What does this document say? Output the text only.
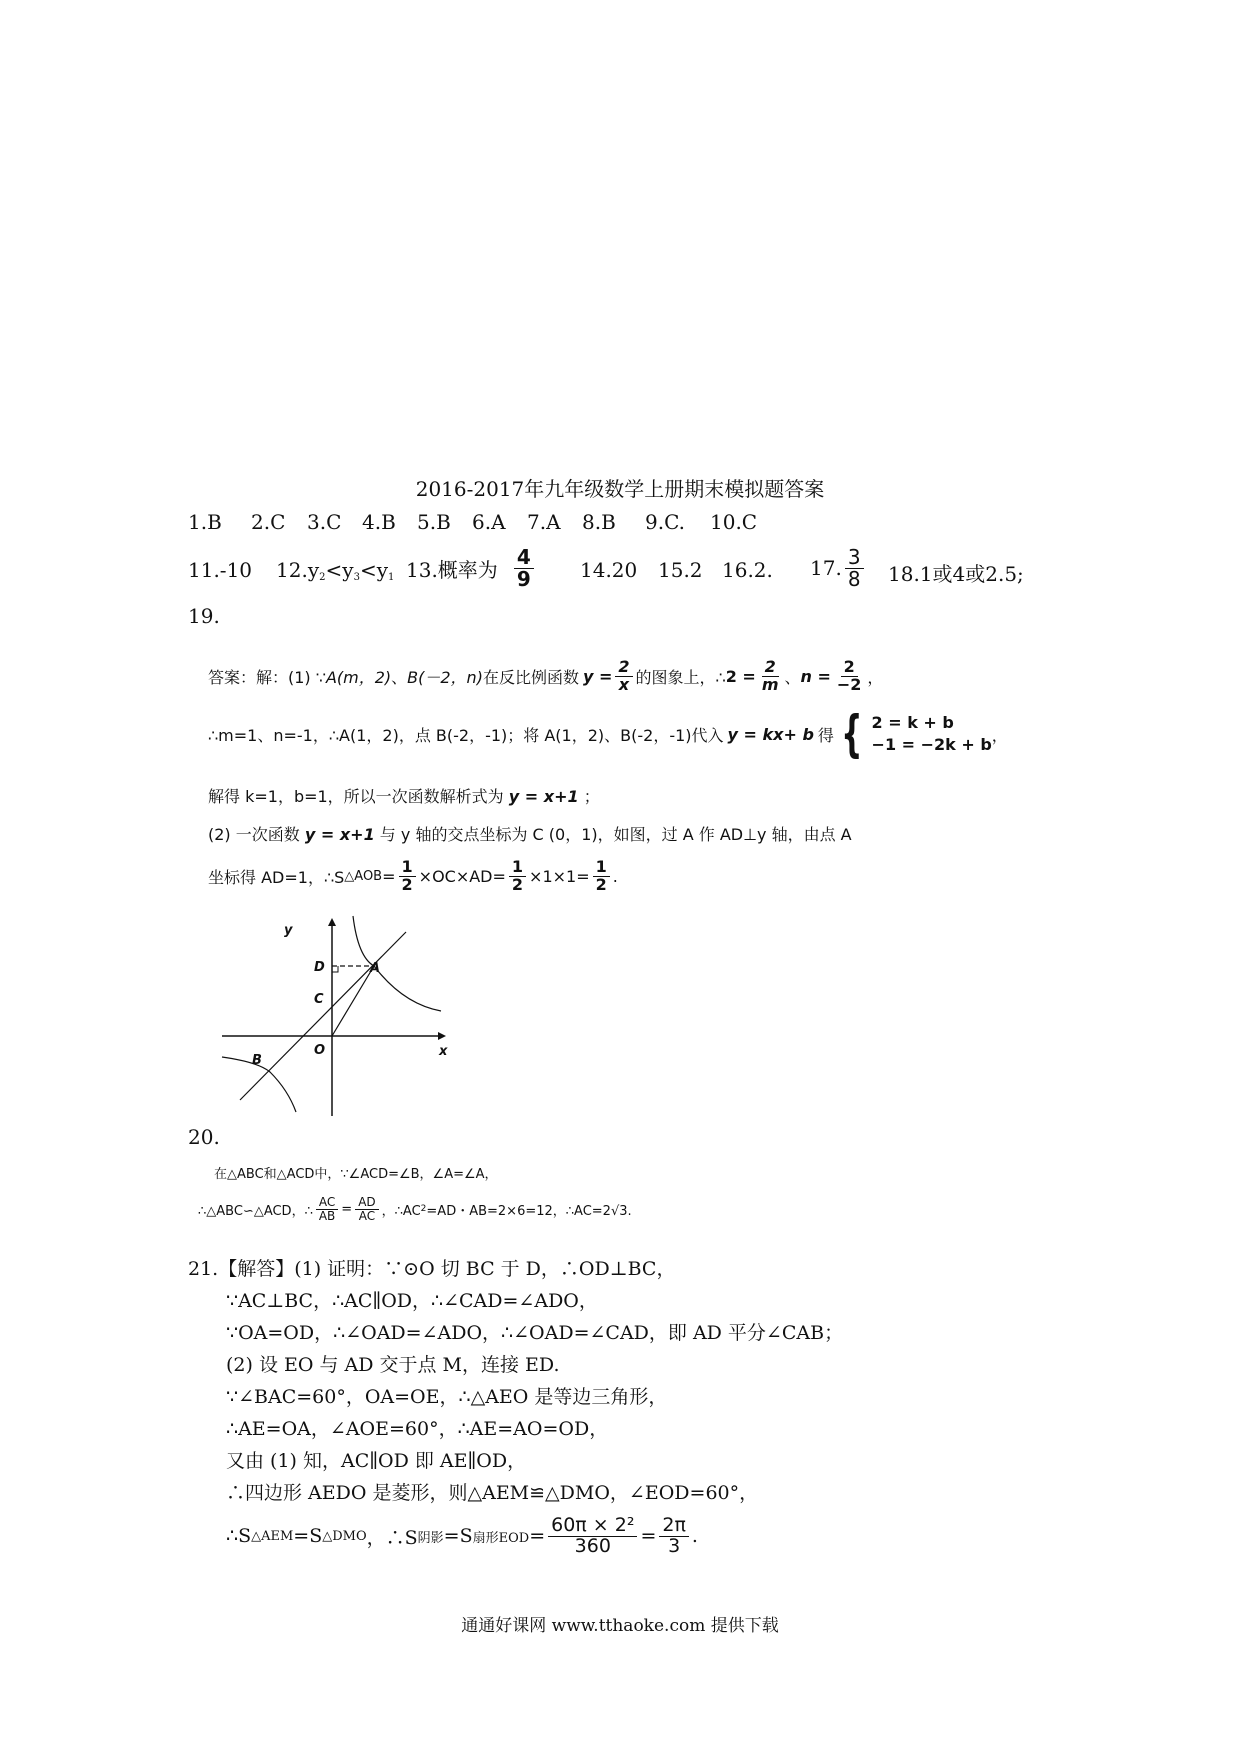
2016-2017年九年级数学上册期末模拟题答案
1.B 2.C 3.C 4.B 5.B 6.A 7.A 8.B 9.C. 10.C
11.-10 $12.y_2<y_3<y_1$ 13.概率为 $\frac{4}{9} 14.20$ 15.2 16.2. 17. $\frac{3}{8} 18.1$或4或2.5;
19.
答案：解：(1) ∵ A(m，2) 、 B(－2，n) 在反比例函数 $y = \frac{2}{x}$ 的图象上，∴ $2 = \frac{2}{m}$ 、 $n = \frac{2}{-2}$ ，
∴m=1、n=-1，∴A(1，2)，点 B(-2，-1)；将 A(1，2)、B(-2，-1)代入 y = kx+ b 得 { 2 = k + b
−1 = −2k + b ，
解得 k=1，b=1，所以一次函数解析式为 y = x+1 ；
(2) 一次函数 y = x+1 与 y 轴的交点坐标为 C (0，1)，如图，过 A 作 AD⊥y 轴，由点 A
坐标得 AD=1，∴S △AOB = $\frac{1}{2} \times OC\times AD= \frac{1}{2} \times 1\times 1= \frac{1}{2}$ .
y
x
O
D
C
A
B
20.
在△ABC和△ACD中，∵∠ACD=∠B，∠A=∠A，
∴△ABC∽△ACD，∴ $\frac{AC}{AB} = \frac{AD}{AC}$ ，∴AC 2 =AD・AB=2×6=12，∴AC=2√3.
21.【解答】(1) 证明：∵⊙O 切 BC 于 D，∴OD⊥BC，
∵AC⊥BC，∴AC∥OD，∴∠CAD=∠ADO，
∵OA=OD，∴∠OAD=∠ADO，∴∠OAD=∠CAD，即 AD 平分∠CAB；
(2) 设 EO 与 AD 交于点 M，连接 ED.
∵∠BAC=60°，OA=OE，∴△AEO 是等边三角形，
∴AE=OA，∠AOE=60°，∴AE=AO=OD，
又由 (1) 知，AC∥OD 即 AE∥OD，
∴四边形 AEDO 是菱形，则△AEM≌△DMO，∠EOD=60°，
∴S △AEM =S △DMO ，∴S 阴影 =S 扇形EOD = $\frac{\text{60π × 2²}}{360} = \frac{2\pi}{3}$ .
通通好课网 www.tthaoke.com 提供下载
